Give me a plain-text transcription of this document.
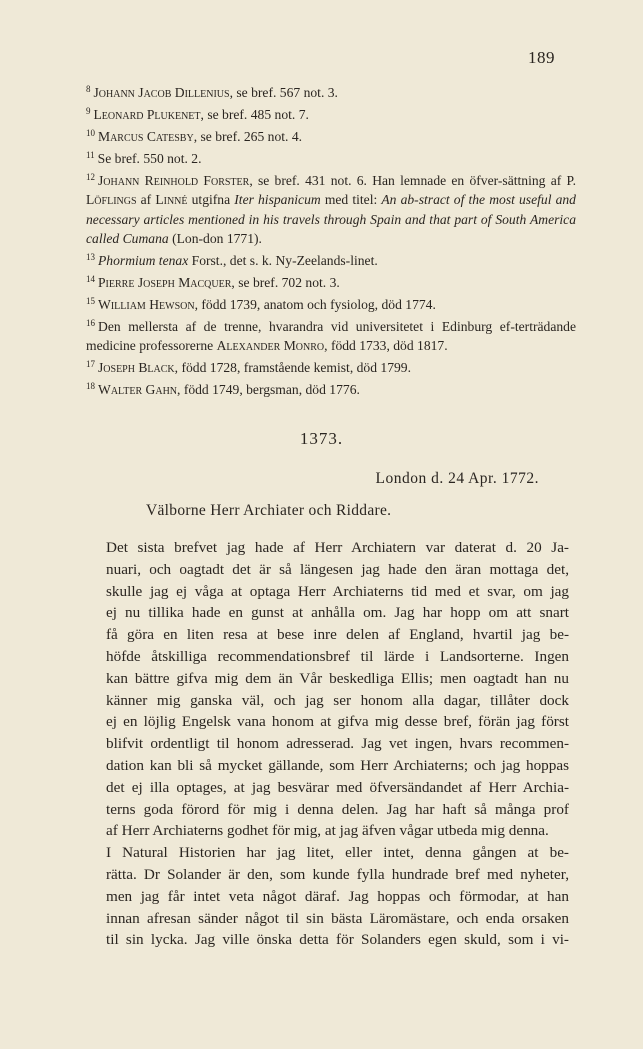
189

$^8$ Johann Jacob Dillenius, se bref. 567 not. 3.

$^9$ Leonard Plukenet, se bref. 485 not. 7.

$^{10}$ Marcus Catesby, se bref. 265 not. 4.

$^{11}$ Se bref. 550 not. 2.

$^{12}$ Johann Reinhold Forster, se bref. 431 not. 6. Han lemnade en öfver-sättning af P. Löflings af Linné utgifna Iter hispanicum med titel: An ab-stract of the most useful and necessary articles mentioned in his travels through Spain and that part of South America called Cumana (Lon-don 1771).

$^{13}$ Phormium tenax Forst., det s. k. Ny-Zeelands-linet.

$^{14}$ Pierre Joseph Macquer, se bref. 702 not. 3.

$^{15}$ William Hewson, född 1739, anatom och fysiolog, död 1774.

$^{16}$ Den mellersta af de trenne, hvarandra vid universitetet i Edinburg ef-terträdande medicine professorerne Alexander Monro, född 1733, död 1817.

$^{17}$ Joseph Black, född 1728, framstående kemist, död 1799.

$^{18}$ Walter Gahn, född 1749, bergsman, död 1776.

1373.
London d. 24 Apr. 1772.
Välborne Herr Archiater och Riddare.

Det sista brefvet jag hade af Herr Archiatern var daterat d. 20 Ja-
nuari, och oagtadt det är så längesen jag hade den äran mottaga det,
skulle jag ej våga at optaga Herr Archiaterns tid med et svar, om jag
ej nu tillika hade en gunst at anhålla om. Jag har hopp om att snart
få göra en liten resa at bese inre delen af England, hvartil jag be-
höfde åtskilliga recommendationsbref til lärde i Landsorterne. Ingen
kan bättre gifva mig dem än Vår beskedliga Ellis; men oagtadt han nu
känner mig ganska väl, och jag ser honom alla dagar, tillåter dock
ej en löjlig Engelsk vana honom at gifva mig desse bref, förän jag först
blifvit ordentligt til honom adresserad. Jag vet ingen, hvars recommen-
dation kan bli så mycket gällande, som Herr Archiaterns; och jag hoppas
det ej illa optages, at jag besvärar med öfversändandet af Herr Archia-
terns goda förord för mig i denna delen. Jag har haft så många prof
af Herr Archiaterns godhet för mig, at jag äfven vågar utbeda mig denna.

I Natural Historien har jag litet, eller intet, denna gången at be-
rätta. Dr Solander är den, som kunde fylla hundrade bref med nyheter,
men jag får intet veta något däraf. Jag hoppas och förmodar, at han
innan afresan sänder något til sin bästa Läromästare, och enda orsaken
til sin lycka. Jag ville önska detta för Solanders egen skuld, som i vi-
